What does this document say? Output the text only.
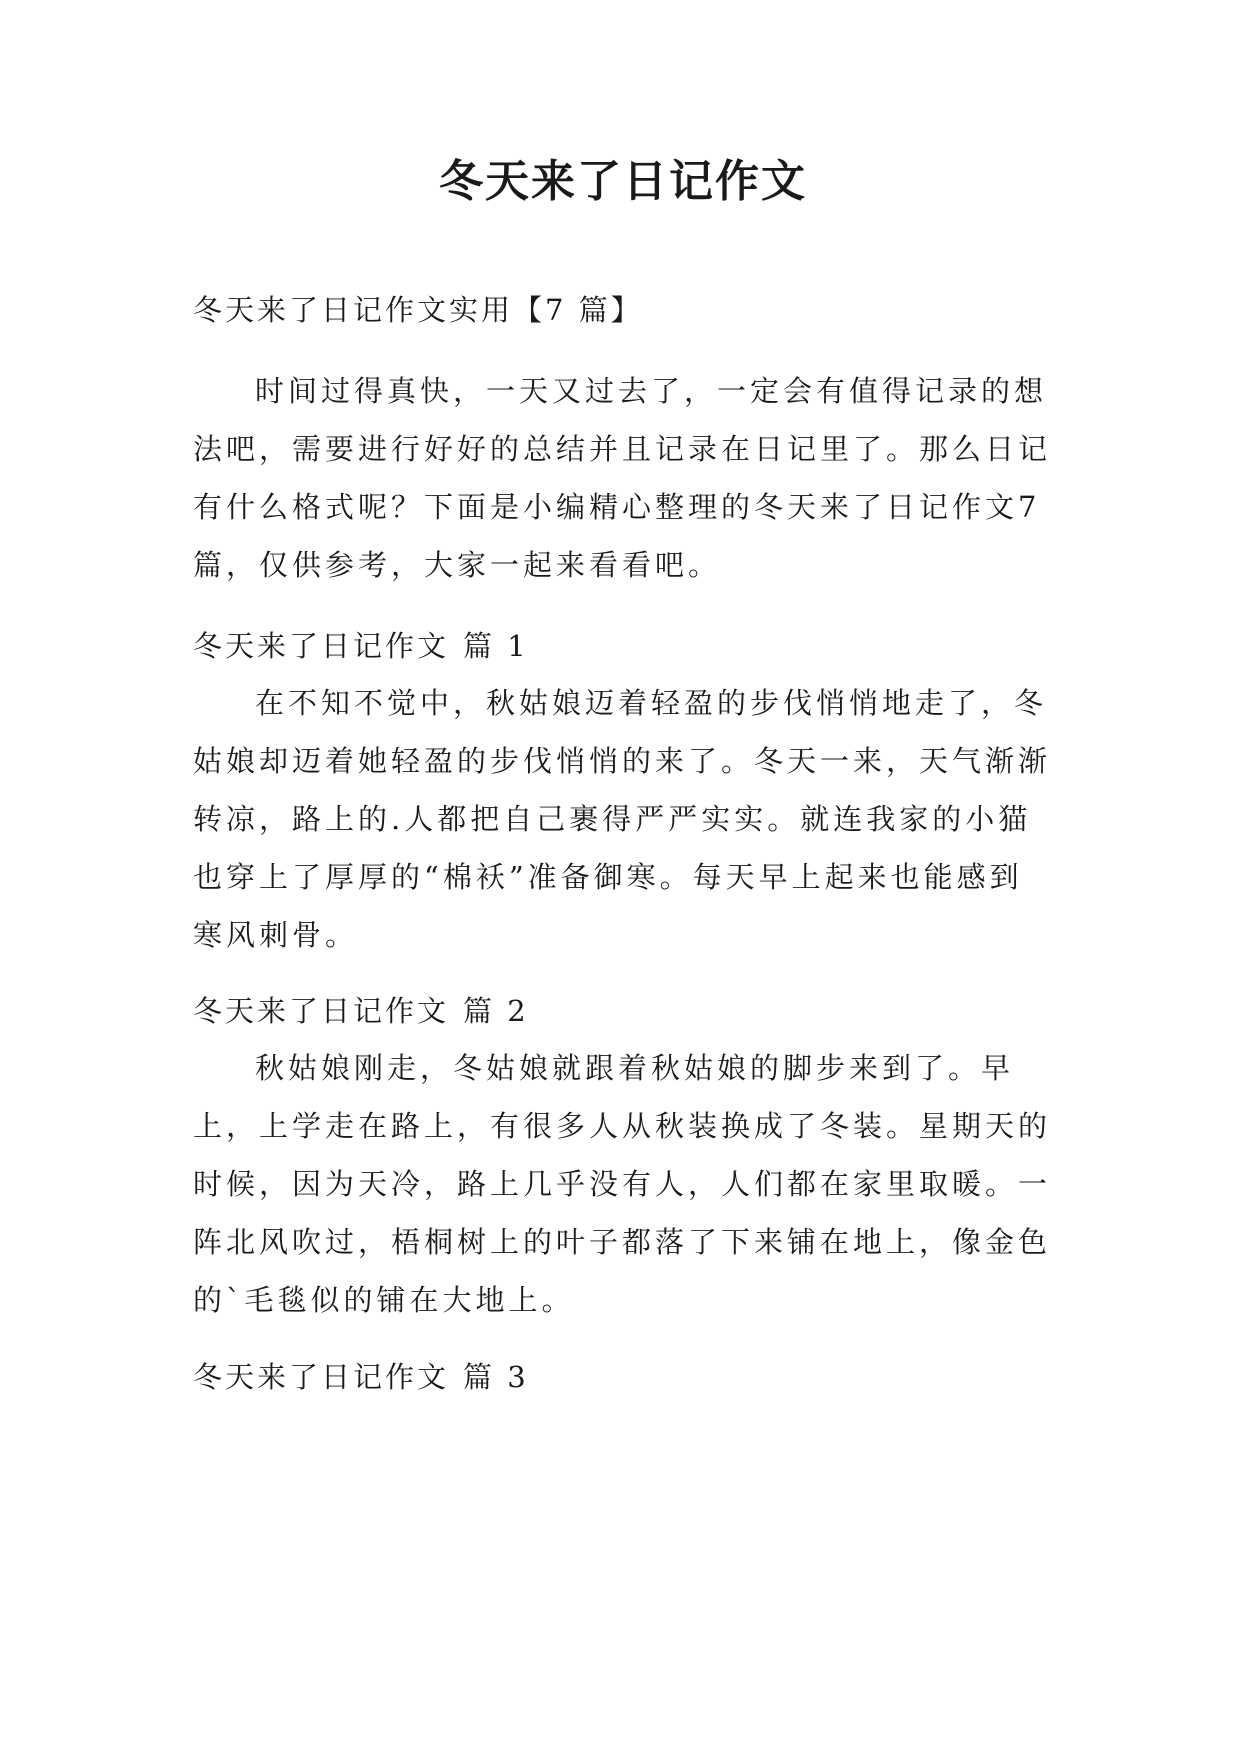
冬天来了日记作文

冬天来了日记作文实用【7 篇】

时间过得真快，一天又过去了，一定会有值得记录的想法吧，需要进行好好的总结并且记录在日记里了。那么日记有什么格式呢？下面是小编精心整理的冬天来了日记作文7篇，仅供参考，大家一起来看看吧。

冬天来了日记作文 篇 1

在不知不觉中，秋姑娘迈着轻盈的步伐悄悄地走了，冬姑娘却迈着她轻盈的步伐悄悄的来了。冬天一来，天气渐渐转凉，路上的.人都把自己裹得严严实实。就连我家的小猫也穿上了厚厚的“棉袄”准备御寒。每天早上起来也能感到寒风刺骨。

冬天来了日记作文 篇 2

秋姑娘刚走，冬姑娘就跟着秋姑娘的脚步来到了。早上，上学走在路上，有很多人从秋装换成了冬装。星期天的时候，因为天冷，路上几乎没有人，人们都在家里取暖。一阵北风吹过，梧桐树上的叶子都落了下来铺在地上，像金色的`毛毯似的铺在大地上。

冬天来了日记作文 篇 3
